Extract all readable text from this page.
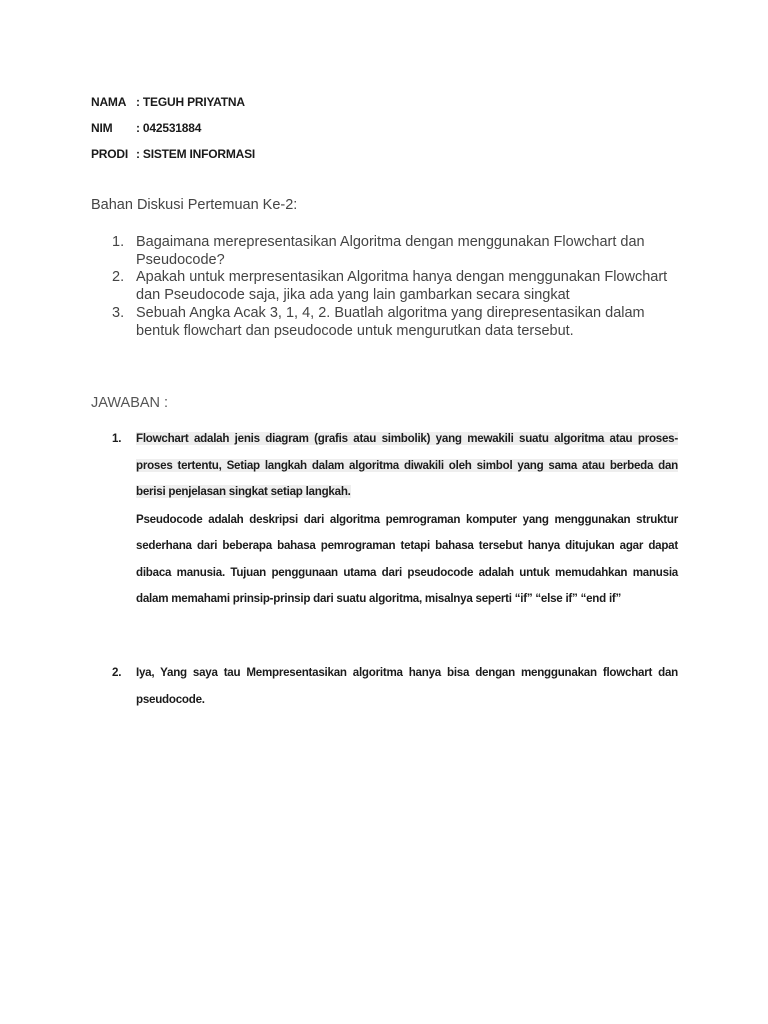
NAMA : TEGUH PRIYATNA
NIM : 042531884
PRODI : SISTEM INFORMASI
Bahan Diskusi Pertemuan Ke-2:
1. Bagaimana merepresentasikan Algoritma dengan menggunakan Flowchart dan Pseudocode?
2. Apakah untuk merpresentasikan Algoritma hanya dengan menggunakan Flowchart dan Pseudocode saja, jika ada yang lain gambarkan secara singkat
3. Sebuah Angka Acak 3, 1, 4, 2. Buatlah algoritma yang direpresentasikan dalam bentuk flowchart dan pseudocode untuk mengurutkan data tersebut.
JAWABAN :
1. Flowchart adalah jenis diagram (grafis atau simbolik) yang mewakili suatu algoritma atau proses-proses tertentu, Setiap langkah dalam algoritma diwakili oleh simbol yang sama atau berbeda dan berisi penjelasan singkat setiap langkah.
Pseudocode adalah deskripsi dari algoritma pemrograman komputer yang menggunakan struktur sederhana dari beberapa bahasa pemrograman tetapi bahasa tersebut hanya ditujukan agar dapat dibaca manusia. Tujuan penggunaan utama dari pseudocode adalah untuk memudahkan manusia dalam memahami prinsip-prinsip dari suatu algoritma, misalnya seperti “if” “else if” “end if”
2. Iya, Yang saya tau Mempresentasikan algoritma hanya bisa dengan menggunakan flowchart dan pseudocode.
